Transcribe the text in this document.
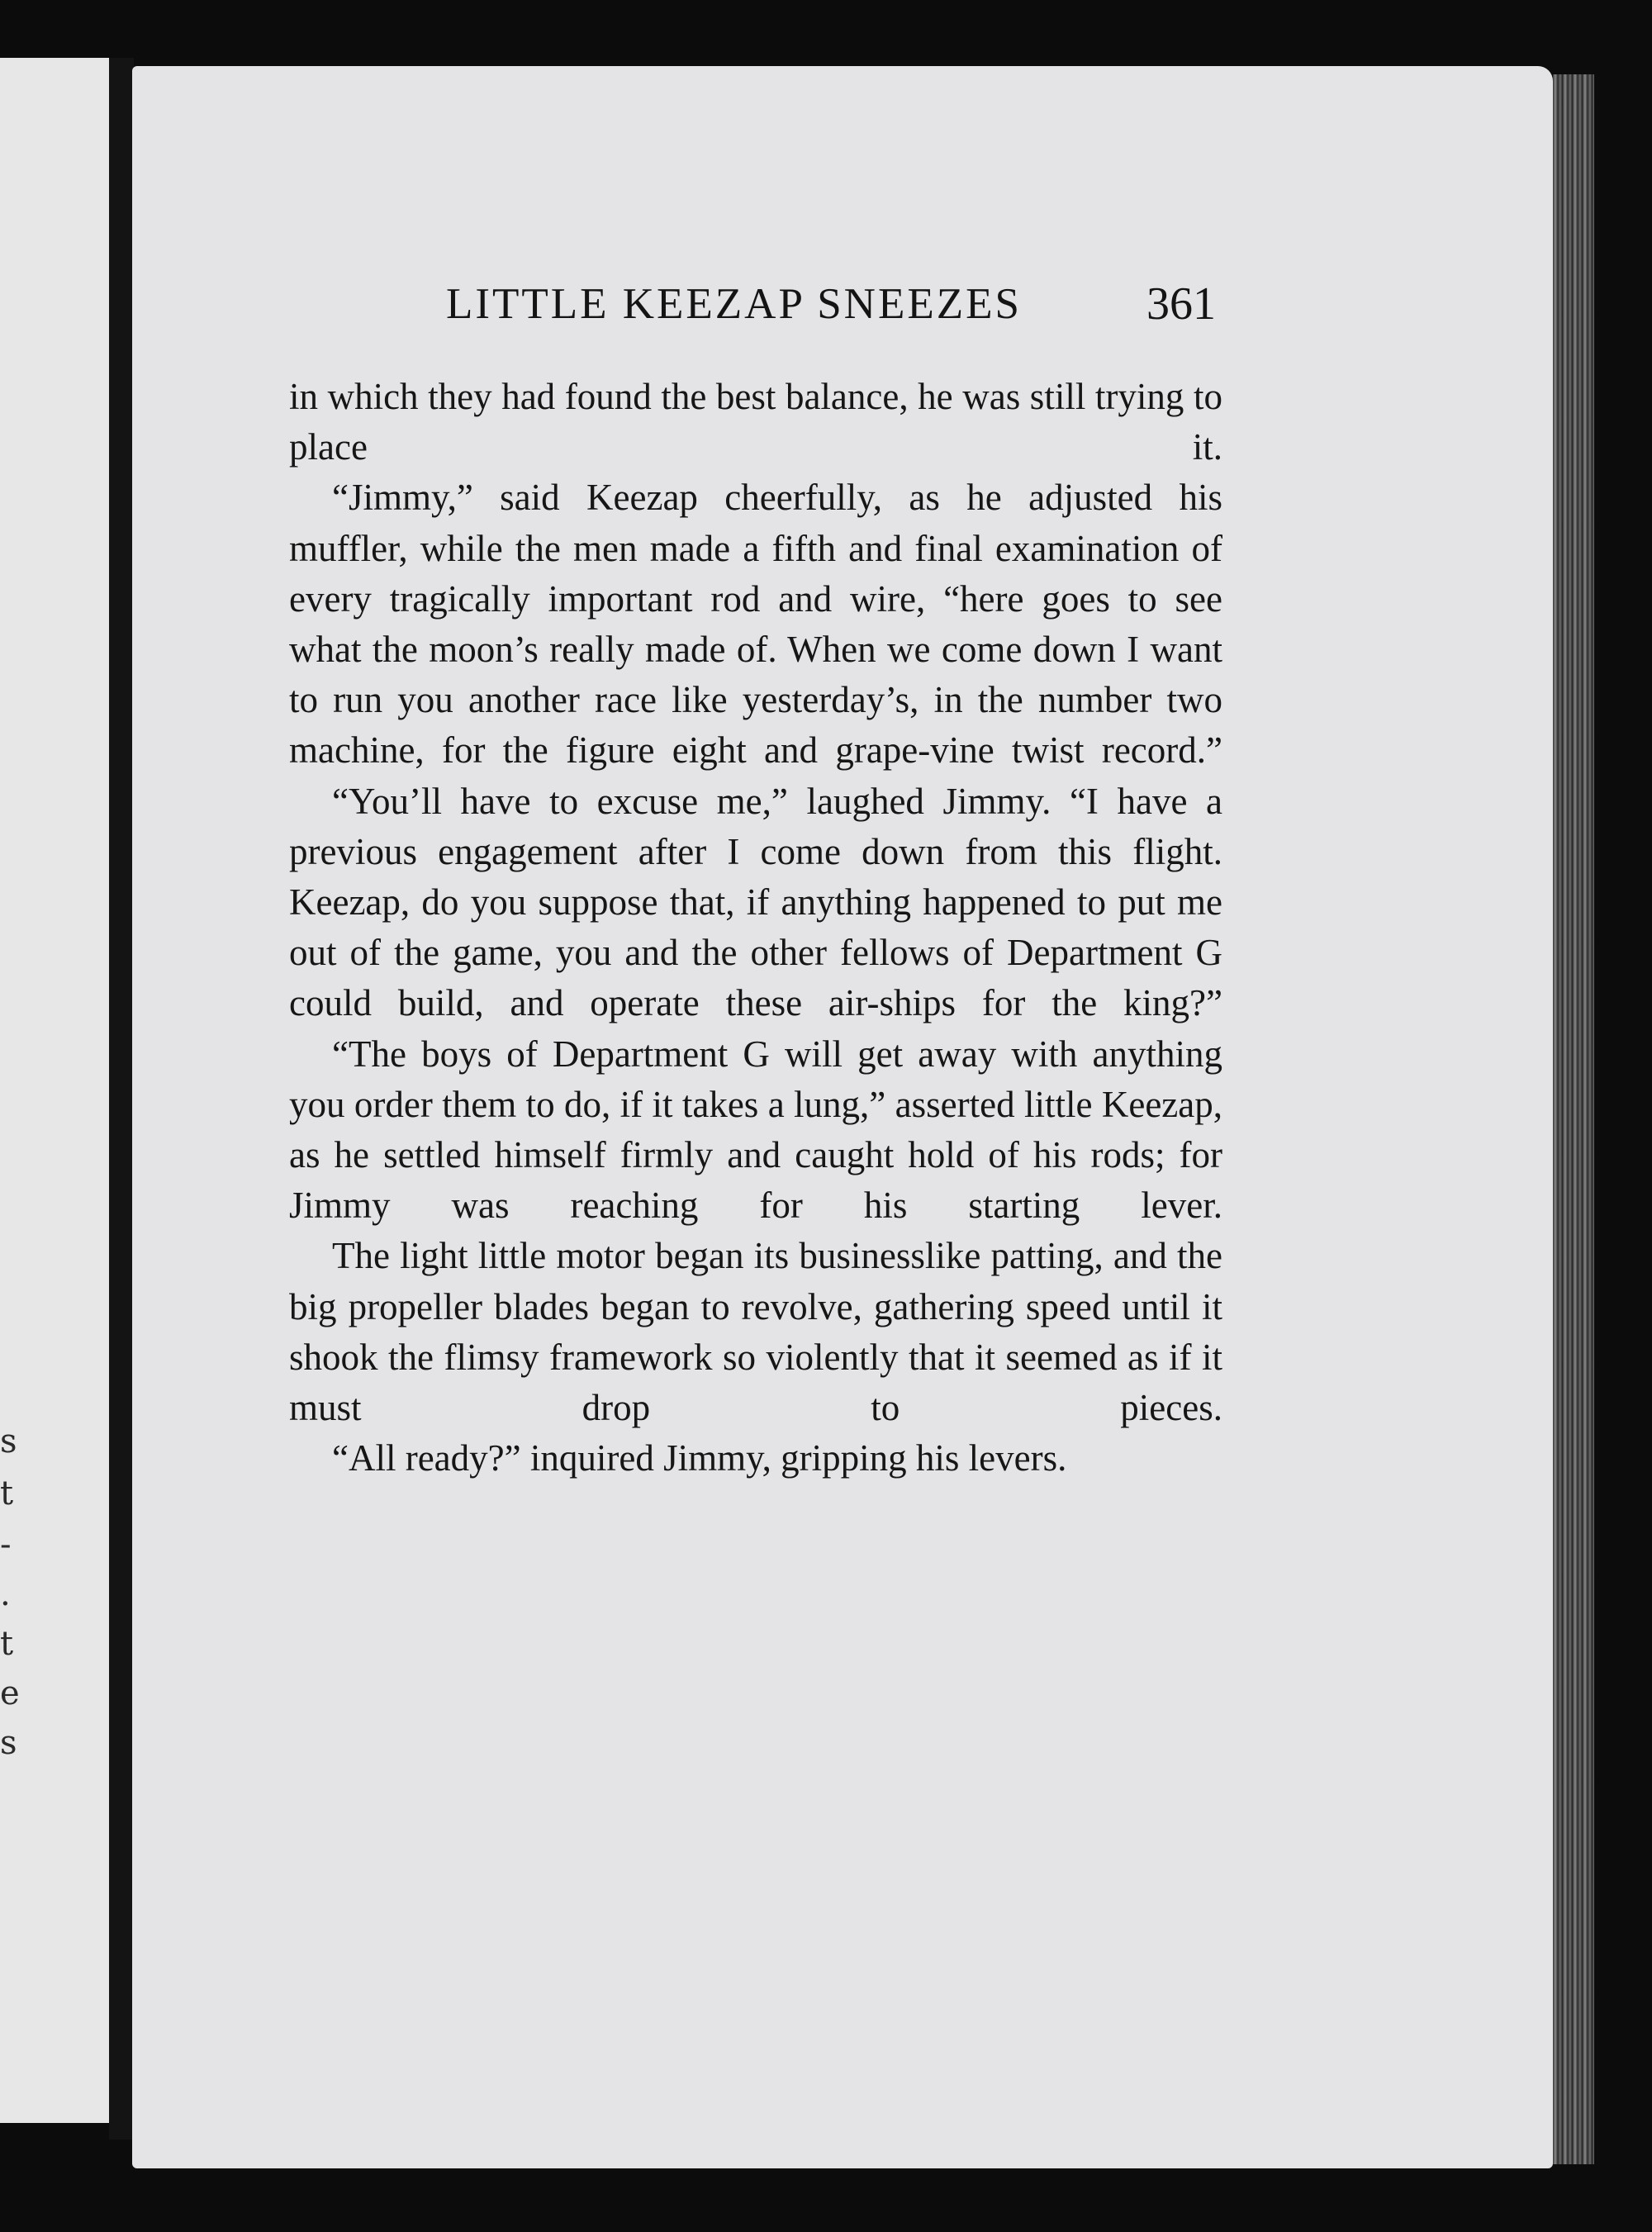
s
t
-
.
t
e
s
LITTLE KEEZAP SNEEZES	361

in which they had found the best balance, he was still trying to place it.

“Jimmy,” said Keezap cheerfully, as he adjusted his muffler, while the men made a fifth and final examination of every tragically important rod and wire, “here goes to see what the moon’s really made of. When we come down I want to run you another race like yesterday’s, in the number two machine, for the figure eight and grape-vine twist record.”

“You’ll have to excuse me,” laughed Jimmy. “I have a previous engagement after I come down from this flight. Keezap, do you suppose that, if anything happened to put me out of the game, you and the other fellows of Department G could build, and operate these air-ships for the king?”

“The boys of Department G will get away with anything you order them to do, if it takes a lung,” asserted little Keezap, as he settled himself firmly and caught hold of his rods; for Jimmy was reaching for his starting lever.

The light little motor began its businesslike patting, and the big propeller blades began to revolve, gathering speed until it shook the flimsy framework so violently that it seemed as if it must drop to pieces.

“All ready?” inquired Jimmy, gripping his levers.
